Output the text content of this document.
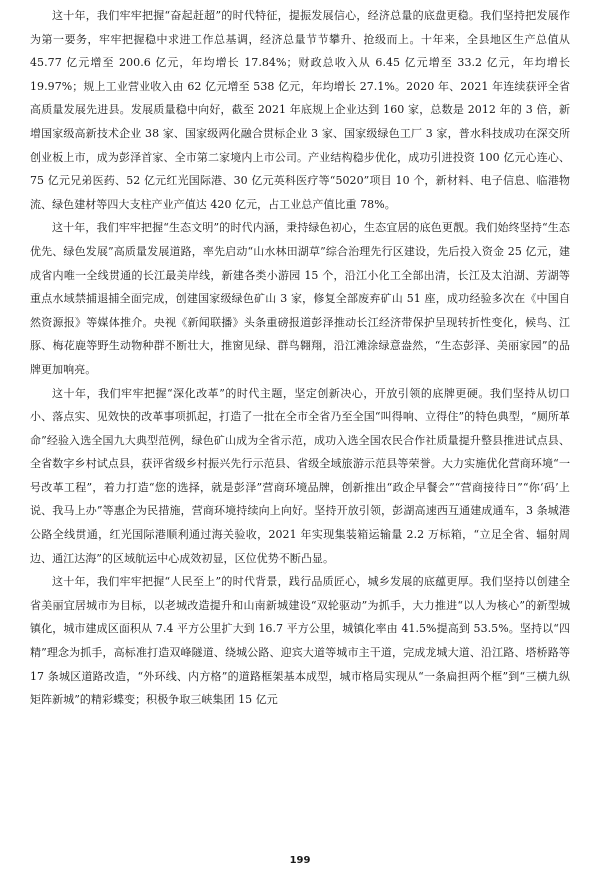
这十年，我们牢牢把握“奋起赶超”的时代特征，提振发展信心，经济总量的底盘更稳。我们坚持把发展作为第一要务，牢牢把握稳中求进工作总基调，经济总量节节攀升、抢级而上。十年来，全县地区生产总值从 45.77 亿元增至 200.6 亿元，年均增长 17.84%；财政总收入从 6.45 亿元增至 33.2 亿元，年均增长 19.97%；规上工业营业收入由 62 亿元增至 538 亿元，年均增长 27.1%。2020 年、2021 年连续获评全省高质量发展先进县。发展质量稳中向好，截至 2021 年底规上企业达到 160 家，总数是 2012 年的 3 倍，新增国家级高新技术企业 38 家、国家级两化融合贯标企业 3 家、国家级绿色工厂 3 家，普水科技成功在深交所创业板上市，成为彭泽首家、全市第二家境内上市公司。产业结构稳步优化，成功引进投资 100 亿元心连心、75 亿元兄弟医药、52 亿元红光国际港、30 亿元英科医疗等“5020”项目 10 个，新材料、电子信息、临港物流、绿色建材等四大支柱产业产值达 420 亿元，占工业总产值比重 78%。

这十年，我们牢牢把握“生态文明”的时代内涵，秉持绿色初心，生态宜居的底色更靓。我们始终坚持“生态优先、绿色发展”高质量发展道路，率先启动“山水林田湖草”综合治理先行区建设，先后投入资金 25 亿元，建成省内唯一全线贯通的长江最美岸线，新建各类小游园 15 个，沿江小化工全部出清，长江及太泊湖、芳湖等重点水域禁捕退捕全面完成，创建国家级绿色矿山 3 家，修复全部废弃矿山 51 座，成功经验多次在《中国自然资源报》等媒体推介。央视《新闻联播》头条重磅报道彭泽推动长江经济带保护呈现转折性变化，候鸟、江豚、梅花鹿等野生动物种群不断壮大，推窗见绿、群鸟翱翔，沿江滩涂绿意盎然，“生态彭泽、美丽家园”的品牌更加响亮。

这十年，我们牢牢把握“深化改革”的时代主题，坚定创新决心，开放引领的底牌更硬。我们坚持从切口小、落点实、见效快的改革事项抓起，打造了一批在全市全省乃至全国“叫得响、立得住”的特色典型，“厕所革命”经验入选全国九大典型范例，绿色矿山成为全省示范，成功入选全国农民合作社质量提升整县推进试点县、全省数字乡村试点县，获评省级乡村振兴先行示范县、省级全域旅游示范县等荣誉。大力实施优化营商环境“一号改革工程”，着力打造“您的选择，就是彭泽”营商环境品牌，创新推出“政企早餐会”“营商接待日”“你‘码’上说、我马上办”等惠企为民措施，营商环境持续向上向好。坚持开放引领，彭湖高速西互通建成通车，3 条城港公路全线贯通，红光国际港顺利通过海关验收，2021 年实现集装箱运输量 2.2 万标箱，“立足全省、辐射周边、通江达海”的区域航运中心成效初显，区位优势不断凸显。

这十年，我们牢牢把握“人民至上”的时代背景，践行品质匠心，城乡发展的底蕴更厚。我们坚持以创建全省美丽宜居城市为目标，以老城改造提升和山南新城建设“双轮驱动”为抓手，大力推进“以人为核心”的新型城镇化，城市建成区面积从 7.4 平方公里扩大到 16.7 平方公里，城镇化率由 41.5%提高到 53.5%。坚持以“四精”理念为抓手，高标准打造双峰隧道、绕城公路、迎宾大道等城市主干道，完成龙城大道、沿江路、塔桥路等 17 条城区道路改造，“外环线、内方格”的道路框架基本成型，城市格局实现从“一条扁担两个框”到“三横九纵矩阵新城”的精彩蝶变；积极争取三峡集团 15 亿元

199
